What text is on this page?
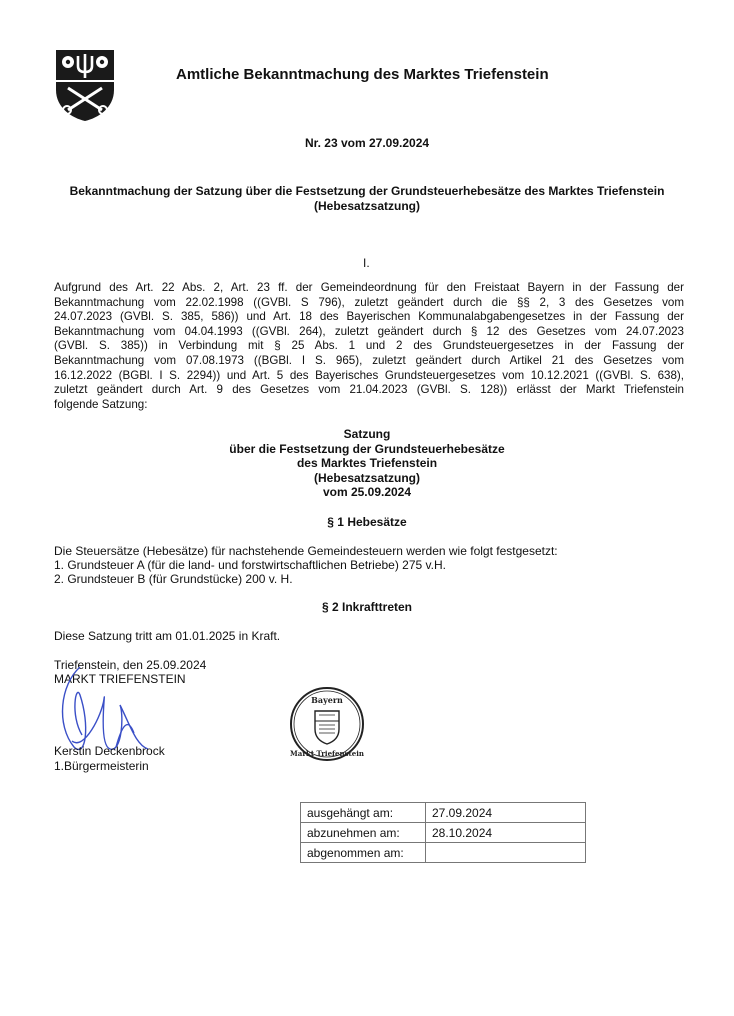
Amtliche Bekanntmachung des Marktes Triefenstein
Nr. 23 vom 27.09.2024
Bekanntmachung der Satzung über die Festsetzung der Grundsteuerhebesätze des Marktes Triefenstein
(Hebesatzsatzung)
I.
Aufgrund des Art. 22 Abs. 2, Art. 23 ff. der Gemeindeordnung für den Freistaat Bayern in der Fassung der
Bekanntmachung vom 22.02.1998 ((GVBl. S 796), zuletzt geändert durch die §§ 2, 3 des Gesetzes vom
24.07.2023 (GVBl. S. 385, 586)) und Art. 18 des Bayerischen Kommunalabgabengesetzes in der Fassung der
Bekanntmachung vom 04.04.1993 ((GVBl. 264), zuletzt geändert durch § 12 des Gesetzes vom 24.07.2023
(GVBl. S. 385)) in Verbindung mit § 25 Abs. 1 und 2 des Grundsteuergesetzes in der Fassung der
Bekanntmachung vom 07.08.1973 ((BGBl. I S. 965), zuletzt geändert durch Artikel 21 des Gesetzes vom
16.12.2022 (BGBl. I S. 2294)) und Art. 5 des Bayerisches Grundsteuergesetzes vom 10.12.2021 ((GVBl. S. 638),
zuletzt geändert durch Art. 9 des Gesetzes vom 21.04.2023 (GVBl. S. 128)) erlässt der Markt Triefenstein
folgende Satzung:
Satzung
über die Festsetzung der Grundsteuerhebesätze
des Marktes Triefenstein
(Hebesatzsatzung)
vom 25.09.2024
§ 1 Hebesätze
Die Steuersätze (Hebesätze) für nachstehende Gemeindesteuern werden wie folgt festgesetzt:
1. Grundsteuer A (für die land- und forstwirtschaftlichen Betriebe) 275 v.H.
2. Grundsteuer B (für Grundstücke) 200 v. H.
§ 2 Inkrafttreten
Diese Satzung tritt am 01.01.2025 in Kraft.
Triefenstein, den 25.09.2024
MARKT TRIEFENSTEIN
Kerstin Deckenbrock
1.Bürgermeisterin
Bayern
Markt Triefenstein
ausgehängt am:	27.09.2024
abzunehmen am:	28.10.2024
abgenommen am:	
